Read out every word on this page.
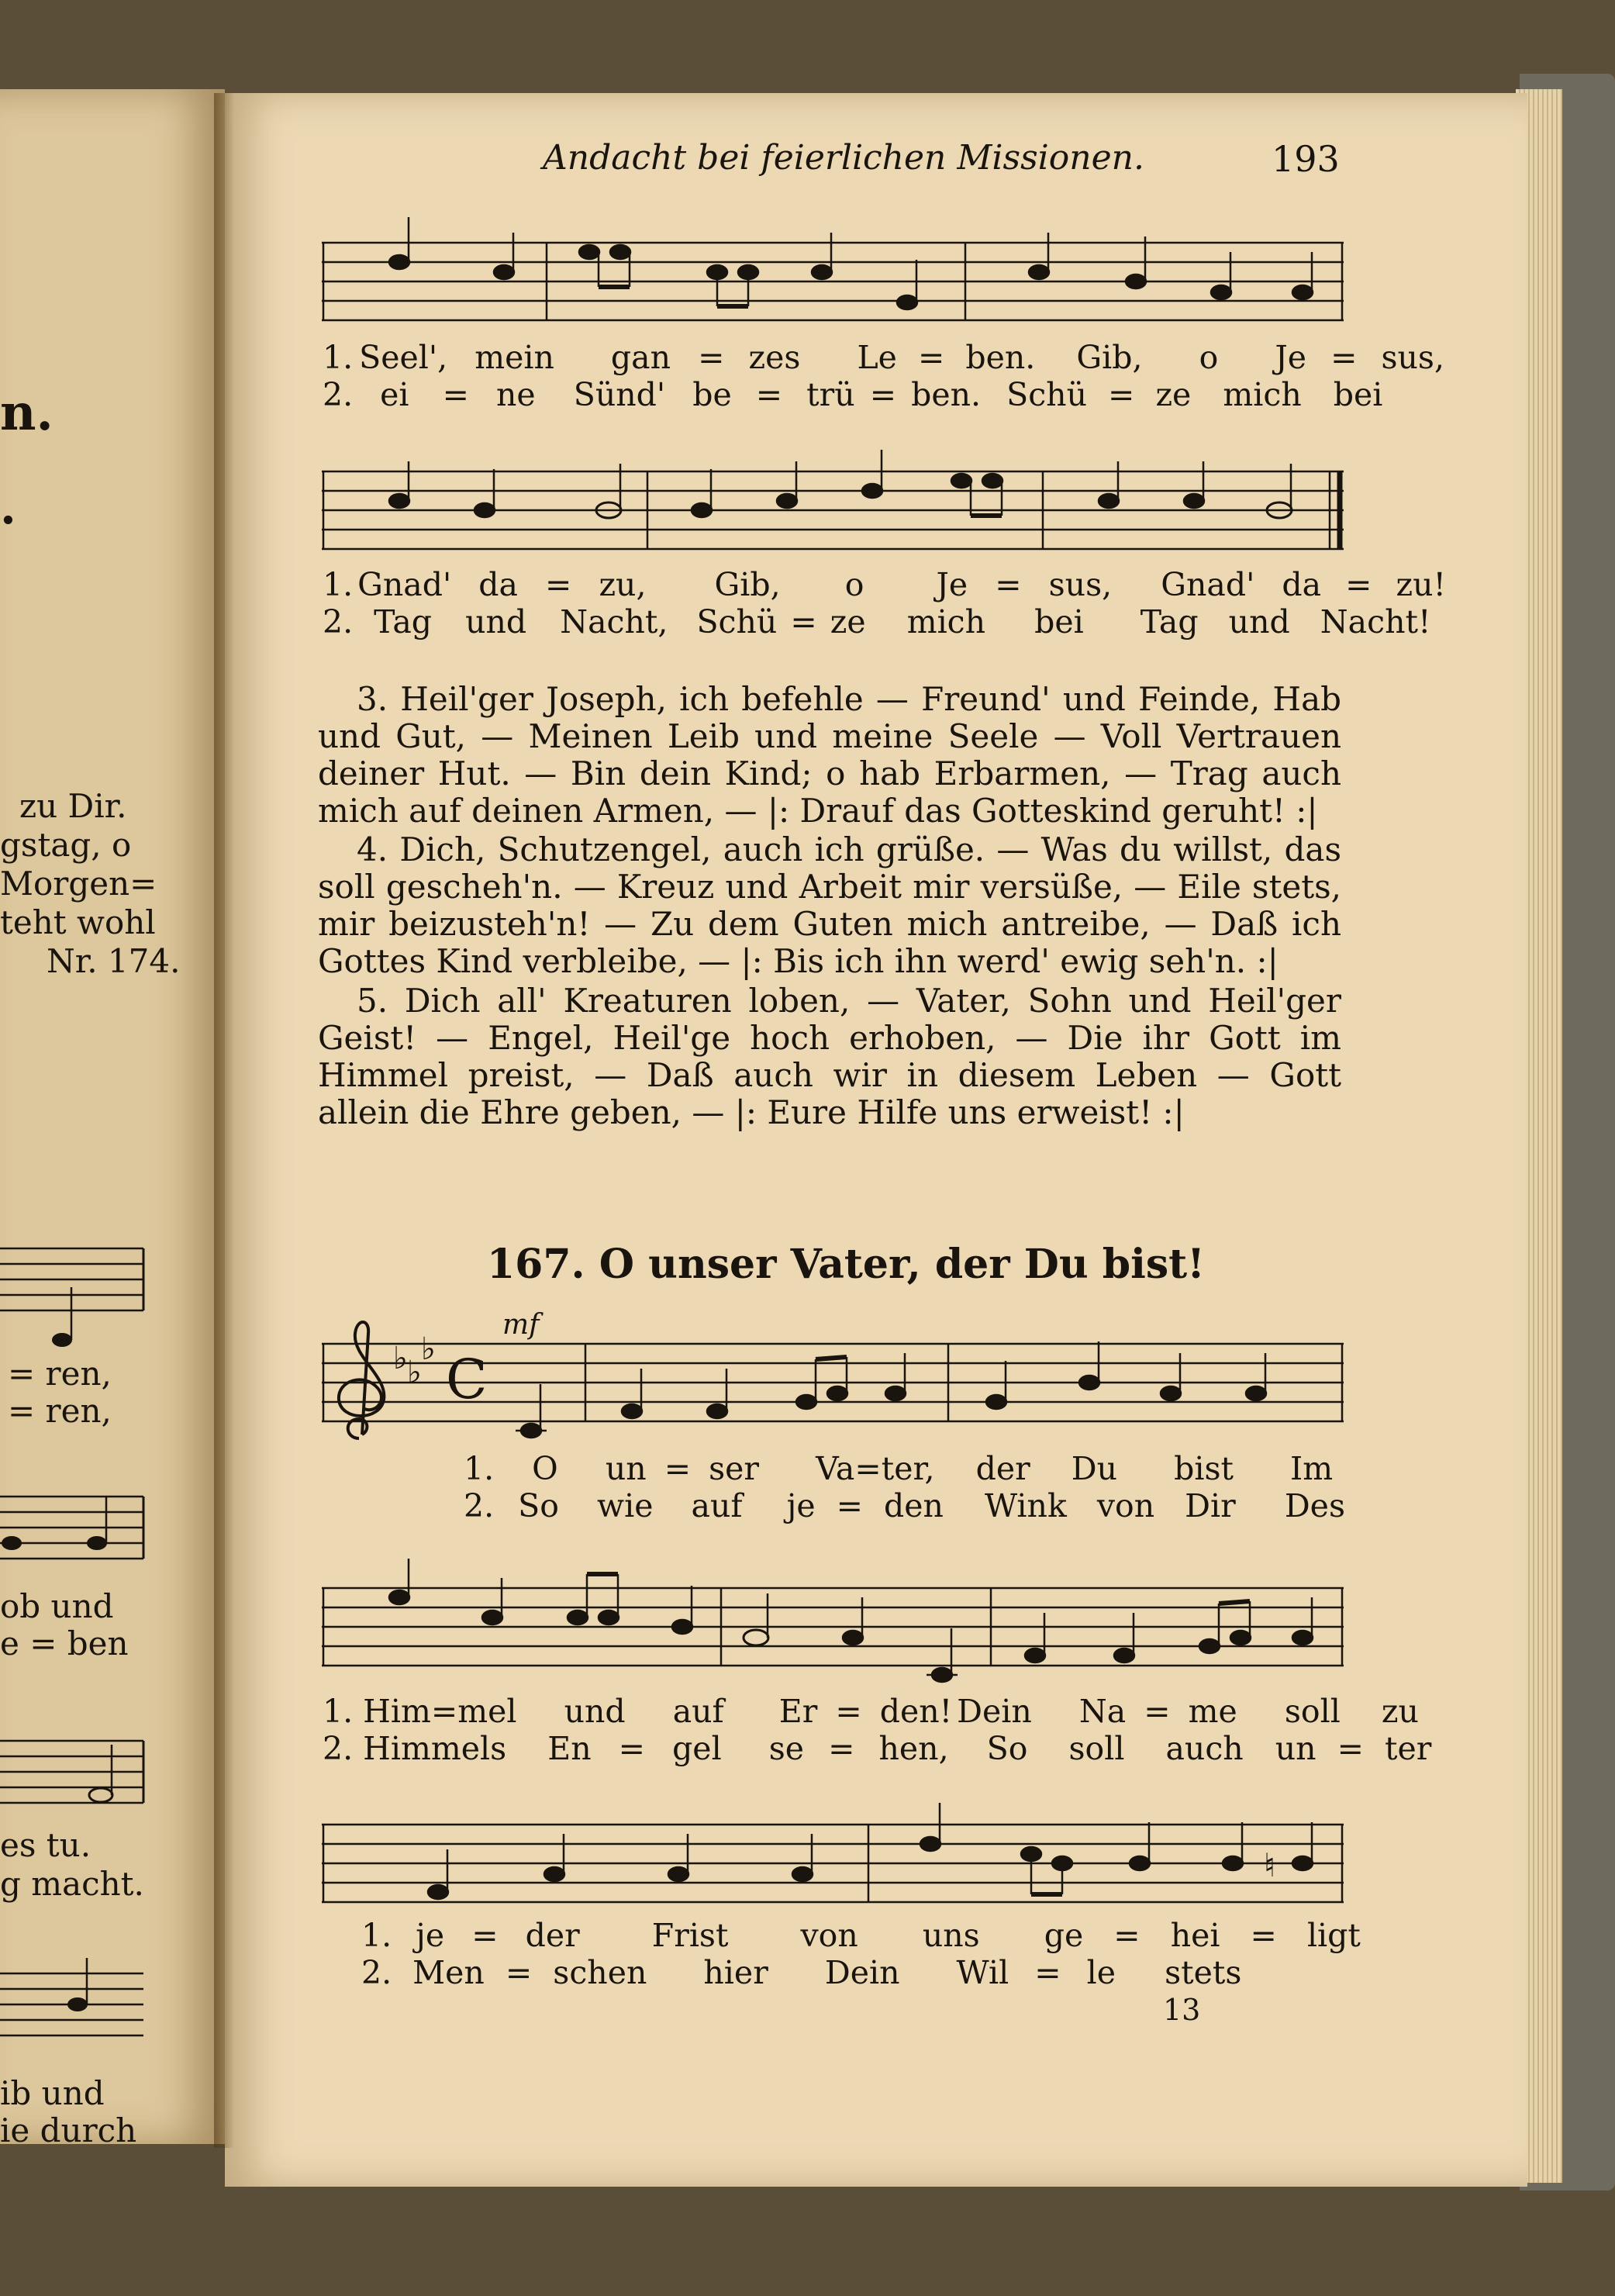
n.
.
zu Dir.
gstag, o
Morgen=
teht wohl
Nr. 174.
= ren,
= ren,
ob und
e = ben
es tu.
g macht.
ib und
ie durch
Andacht bei feierlichen Missionen.	193
1. Seel', mein gan = zes Le = ben. Gib, o Je = sus,
2. ei = ne Sünd' be = trü = ben. Schü = ze mich bei
1. Gnad' da = zu, Gib, o Je = sus, Gnad' da = zu!
2. Tag und Nacht, Schü = ze mich bei Tag und Nacht!
3. Heil'ger Joseph, ich befehle — Freund' und Feinde, Hab und Gut, — Meinen Leib und meine Seele — Voll Vertrauen deiner Hut. — Bin dein Kind; o hab Erbarmen, — Trag auch mich auf deinen Armen, — |: Drauf das Gotteskind geruht! :|
4. Dich, Schutzengel, auch ich grüße. — Was du willst, das soll gescheh'n. — Kreuz und Arbeit mir versüße, — Eile stets, mir beizusteh'n! — Zu dem Guten mich antreibe, — Daß ich Gottes Kind verbleibe, — |: Bis ich ihn werd' ewig seh'n. :|
5. Dich all' Kreaturen loben, — Vater, Sohn und Heil'ger Geist! — Engel, Heil'ge hoch erhoben, — Die ihr Gott im Himmel preist, — Daß auch wir in diesem Leben — Gott allein die Ehre geben, — |: Eure Hilfe uns erweist! :|
167. O unser Vater, der Du bist!
mf
♭ ♭
♭ C
1. O un = ser Va=ter, der Du bist Im
2. So wie auf je = den Wink von Dir Des
1. Him=mel und auf Er = den! Dein Na = me soll zu
2. Himmels En = gel se = hen, So soll auch un = ter
♮
1. je = der Frist von uns ge = hei = ligt
2. Men = schen hier Dein Wil = le stets
13
